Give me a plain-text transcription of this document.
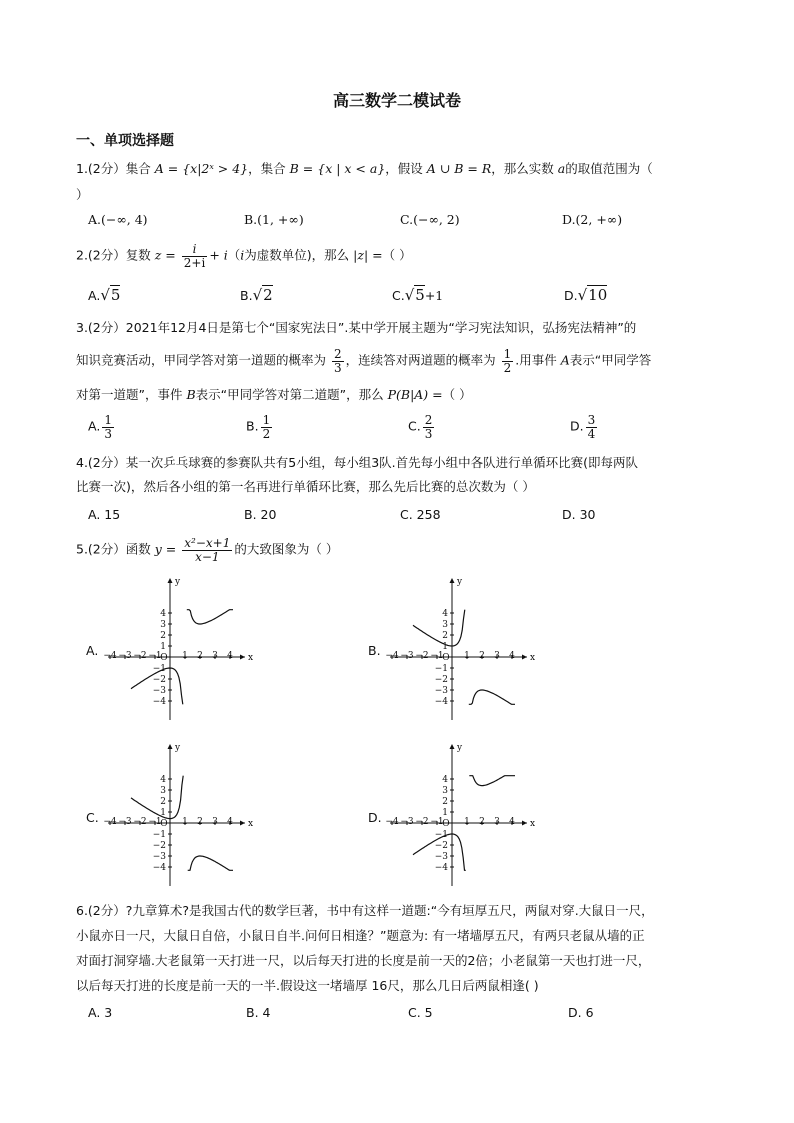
高三数学二模试卷
一、单项选择题
1.(2分）集合 A = {x|2ˣ > 4}，集合 B = {x | x < a}，假设 A ∪ B = R，那么实数 a的取值范围为（
）
A.(−∞, 4)	B.(1, +∞)	C.(−∞, 2)	D.(2, +∞)
2.(2分）复数 $z = \frac{i}{2+i} + i(i$为虚数单位)，那么 |z| =（ ）
A.√5	B.√2	C.√5+1	D.√10
3.(2分）2021年12月4日是第七个“国家宪法日”.某中学开展主题为“学习宪法知识，弘扬宪法精神”的
知识竞赛活动，甲同学答对第一道题的概率为 $\frac{2}{3}$ ，连续答对两道题的概率为 $\frac{1}{2}$ .用事件 A表示“甲同学答
对第一道题”，事件 B表示“甲同学答对第二道题”，那么 P(B|A) =（ ）
A. $\frac{1}{3}$	B. $\frac{1}{2}$	C. $\frac{2}{3}$	D. $\frac{3}{4}$
4.(2分）某一次乒乓球赛的参赛队共有5小组，每小组3队.首先每小组中各队进行单循环比赛(即每两队
比赛一次)，然后各小组的第一名再进行单循环比赛，那么先后比赛的总次数为（ ）
A. 15	B. 20	C. 258	D. 30
5.(2分）函数 $y = \frac{\text{x²−x+1}}{x-1}$ 的大致图象为（ ）
A.	B.
C.	D.
−4 −3 −2 −1 1 2 3 4
4
3
2
1
−1
−2
−3
−4
O	x
y
−4 −3 −2 −1 1 2 3 4
4
3
2
1
−1
−2
−3
−4
O	x
y
−4 −3 −2 −1 1 2 3 4
4
3
2
1
−1
−2
−3
−4
O	x
y
−4 −3 −2 −1 1 2 3 4
4
3
2
1
−1
−2
−3
−4
O	x
y
6.(2分）?九章算术?是我国古代的数学巨著，书中有这样一道题:“今有垣厚五尺，两鼠对穿.大鼠日一尺，
小鼠亦日一尺，大鼠日自倍，小鼠日自半.问何日相逢？”题意为: 有一堵墙厚五尺，有两只老鼠从墙的正
对面打洞穿墙.大老鼠第一天打进一尺，以后每天打进的长度是前一天的2倍；小老鼠第一天也打进一尺，
以后每天打进的长度是前一天的一半.假设这一堵墙厚 16尺，那么几日后两鼠相逢( )
A. 3	B. 4	C. 5	D. 6
